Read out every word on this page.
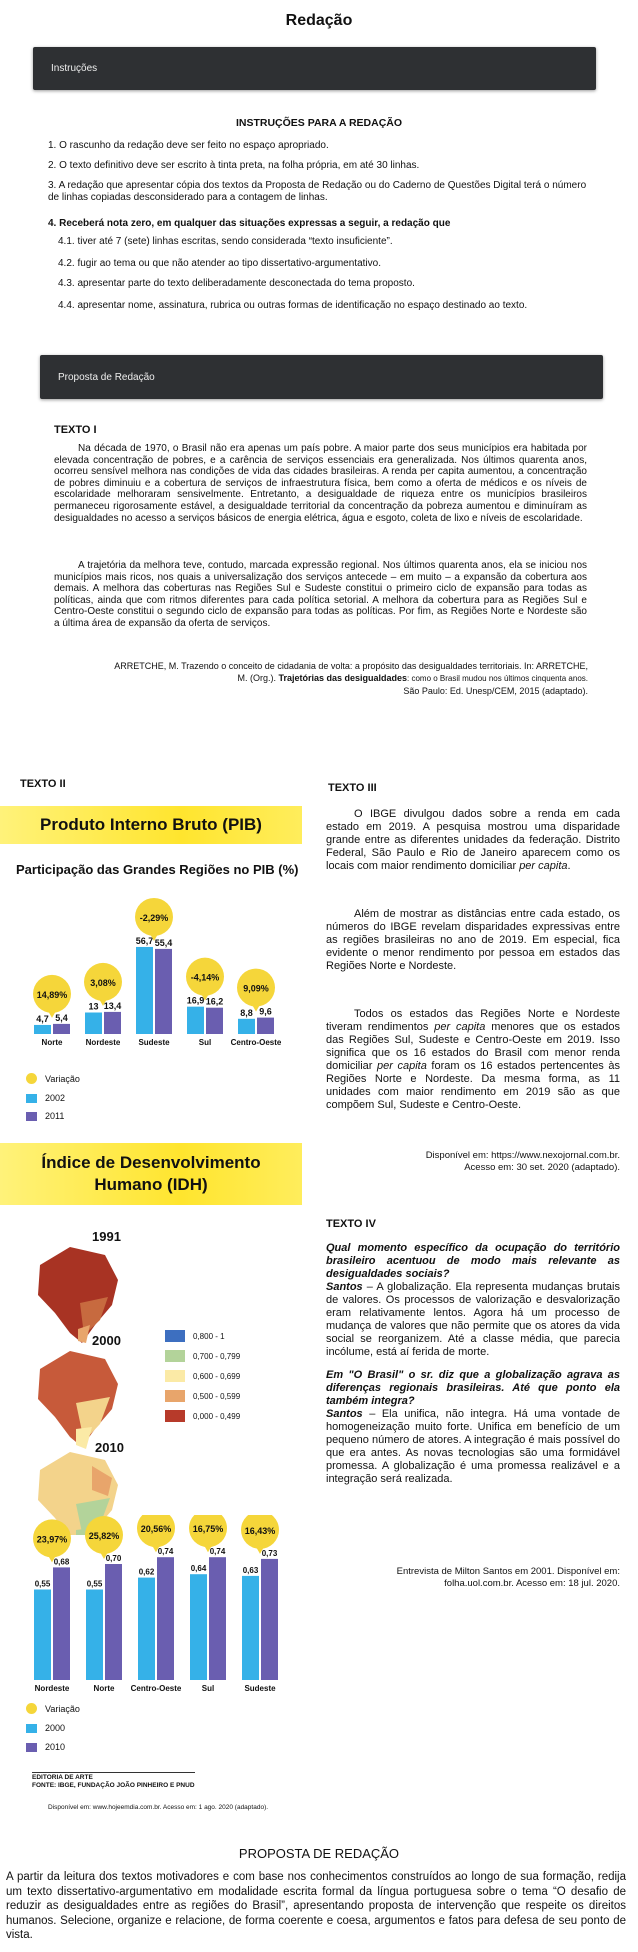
Redação
Instruções
INSTRUÇÕES PARA A REDAÇÃO
1. O rascunho da redação deve ser feito no espaço apropriado.
2. O texto definitivo deve ser escrito à tinta preta, na folha própria, em até 30 linhas.
3. A redação que apresentar cópia dos textos da Proposta de Redação ou do Caderno de Questões Digital terá o número de linhas copiadas desconsiderado para a contagem de linhas.
4. Receberá nota zero, em qualquer das situações expressas a seguir, a redação que
4.1. tiver até 7 (sete) linhas escritas, sendo considerada “texto insuficiente”.
4.2. fugir ao tema ou que não atender ao tipo dissertativo-argumentativo.
4.3. apresentar parte do texto deliberadamente desconectada do tema proposto.
4.4. apresentar nome, assinatura, rubrica ou outras formas de identificação no espaço destinado ao texto.
Proposta de Redação
TEXTO I
Na década de 1970, o Brasil não era apenas um país pobre. A maior parte dos seus municípios era habitada por elevada concentração de pobres, e a carência de serviços essenciais era generalizada. Nos últimos quarenta anos, ocorreu sensível melhora nas condições de vida das cidades brasileiras. A renda per capita aumentou, a concentração de pobres diminuiu e a cobertura de serviços de infraestrutura física, bem como a oferta de médicos e os níveis de escolaridade melhoraram sensivelmente. Entretanto, a desigualdade de riqueza entre os municípios brasileiros permaneceu rigorosamente estável, a desigualdade territorial da concentração da pobreza aumentou e diminuíram as desigualdades no acesso a serviços básicos de energia elétrica, água e esgoto, coleta de lixo e níveis de escolaridade.
A trajetória da melhora teve, contudo, marcada expressão regional. Nos últimos quarenta anos, ela se iniciou nos municípios mais ricos, nos quais a universalização dos serviços antecede – em muito – a expansão da cobertura aos demais. A melhora das coberturas nas Regiões Sul e Sudeste constitui o primeiro ciclo de expansão para todas as políticas, ainda que com ritmos diferentes para cada política setorial. A melhora da cobertura para as Regiões Sul e Centro-Oeste constitui o segundo ciclo de expansão para todas as políticas. Por fim, as Regiões Norte e Nordeste são a última área de expansão da oferta de serviços.
ARRETCHE, M. Trazendo o conceito de cidadania de volta: a propósito das desigualdades territoriais. In: ARRETCHE,
M. (Org.). Trajetórias das desigualdades: como o Brasil mudou nos últimos cinquenta anos.
São Paulo: Ed. Unesp/CEM, 2015 (adaptado).
TEXTO II
Produto Interno Bruto (PIB)
Participação das Grandes Regiões no PIB (%)
4,7 5,4
14,89%
Norte
13 13,4
3,08%
Nordeste
56,7 55,4
-2,29%
Sudeste
16,9 16,2
-4,14%
Sul
8,8 9,6
9,09%
Centro-Oeste
Variação
2002
2011
Índice de Desenvolvimento
Humano (IDH)
1991
2000
2010
0,800 - 1
0,700 - 0,799
0,600 - 0,699
0,500 - 0,599
0,000 - 0,499
0,55
0,68
23,97%
Nordeste
0,55
0,70
25,82%
Norte
0,62
0,74
20,56%
Centro-Oeste
0,64
0,74
16,75%
Sul
0,63
0,73
16,43%
Sudeste
Variação
2000
2010
EDITORIA DE ARTE
FONTE: IBGE, FUNDAÇÃO JOÃO PINHEIRO E PNUD
Disponível em: www.hojeemdia.com.br. Acesso em: 1 ago. 2020 (adaptado).
TEXTO III
O IBGE divulgou dados sobre a renda em cada estado em 2019. A pesquisa mostrou uma disparidade grande entre as diferentes unidades da federação. Distrito Federal, São Paulo e Rio de Janeiro aparecem como os locais com maior rendimento domiciliar per capita.
Além de mostrar as distâncias entre cada estado, os números do IBGE revelam disparidades expressivas entre as regiões brasileiras no ano de 2019. Em especial, fica evidente o menor rendimento por pessoa em estados das Regiões Norte e Nordeste.
Todos os estados das Regiões Norte e Nordeste tiveram rendimentos per capita menores que os estados das Regiões Sul, Sudeste e Centro-Oeste em 2019. Isso significa que os 16 estados do Brasil com menor renda domiciliar per capita foram os 16 estados pertencentes às Regiões Norte e Nordeste. Da mesma forma, as 11 unidades com maior rendimento em 2019 são as que compõem Sul, Sudeste e Centro-Oeste.
Disponível em: https://www.nexojornal.com.br.
Acesso em: 30 set. 2020 (adaptado).
TEXTO IV
Qual momento específico da ocupação do território brasileiro acentuou de modo mais relevante as desigualdades sociais?
Santos – A globalização. Ela representa mudanças brutais de valores. Os processos de valorização e desvalorização eram relativamente lentos. Agora há um processo de mudança de valores que não permite que os atores da vida social se reorganizem. Até a classe média, que parecia incólume, está aí ferida de morte.
Em "O Brasil" o sr. diz que a globalização agrava as diferenças regionais brasileiras. Até que ponto ela também integra?
Santos – Ela unifica, não integra. Há uma vontade de homogeneização muito forte. Unifica em benefício de um pequeno número de atores. A integração é mais possível do que era antes. As novas tecnologias são uma formidável promessa. A globalização é uma promessa realizável e a integração será realizada.
Entrevista de Milton Santos em 2001. Disponível em:
folha.uol.com.br. Acesso em: 18 jul. 2020.
PROPOSTA DE REDAÇÃO
A partir da leitura dos textos motivadores e com base nos conhecimentos construídos ao longo de sua formação, redija um texto dissertativo-argumentativo em modalidade escrita formal da língua portuguesa sobre o tema “O desafio de reduzir as desigualdades entre as regiões do Brasil”, apresentando proposta de intervenção que respeite os direitos humanos. Selecione, organize e relacione, de forma coerente e coesa, argumentos e fatos para defesa de seu ponto de vista.
